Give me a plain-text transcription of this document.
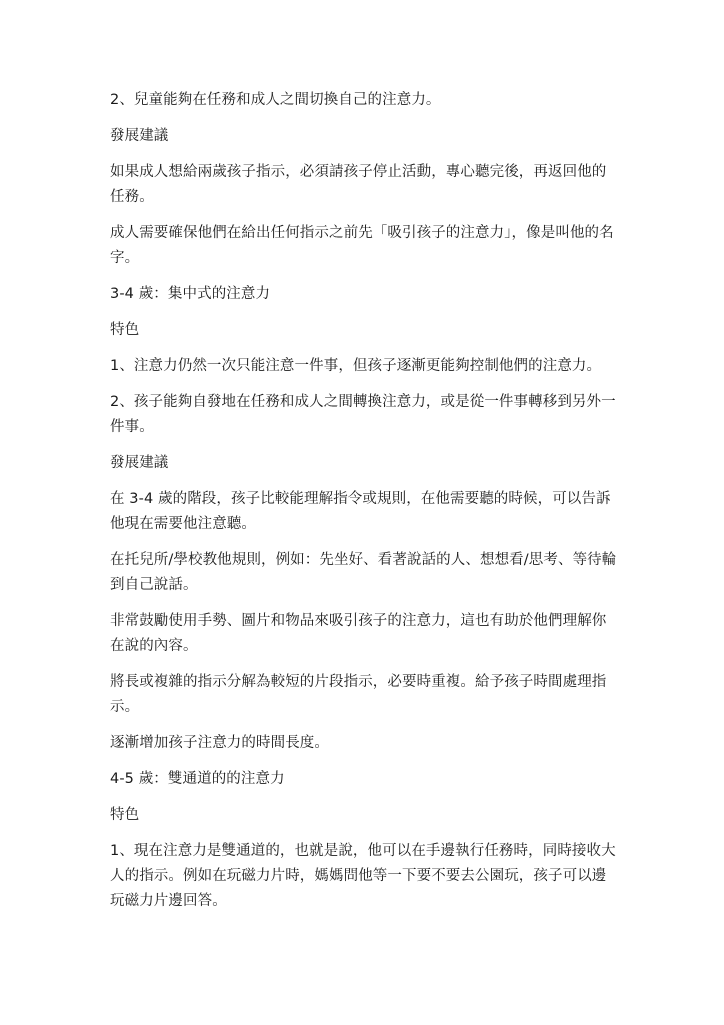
2、兒童能夠在任務和成人之間切換自己的注意力。

發展建議

如果成人想給兩歲孩子指示，必須請孩子停止活動，專心聽完後，再返回他的任務。

成人需要確保他們在給出任何指示之前先「吸引孩子的注意力」，像是叫他的名字。

3-4 歲：集中式的注意力

特色

1、注意力仍然一次只能注意一件事，但孩子逐漸更能夠控制他們的注意力。

2、孩子能夠自發地在任務和成人之間轉換注意力，或是從一件事轉移到另外一件事。

發展建議

在 3-4 歲的階段，孩子比較能理解指令或規則，在他需要聽的時候，可以告訴他現在需要他注意聽。

在托兒所/學校教他規則，例如：先坐好、看著說話的人、想想看/思考、等待輪到自己說話。

非常鼓勵使用手勢、圖片和物品來吸引孩子的注意力，這也有助於他們理解你在說的內容。

將長或複雜的指示分解為較短的片段指示，必要時重複。給予孩子時間處理指示。

逐漸增加孩子注意力的時間長度。

4-5 歲：雙通道的的注意力

特色

1、現在注意力是雙通道的，也就是說，他可以在手邊執行任務時，同時接收大人的指示。例如在玩磁力片時，媽媽問他等一下要不要去公園玩，孩子可以邊玩磁力片邊回答。
